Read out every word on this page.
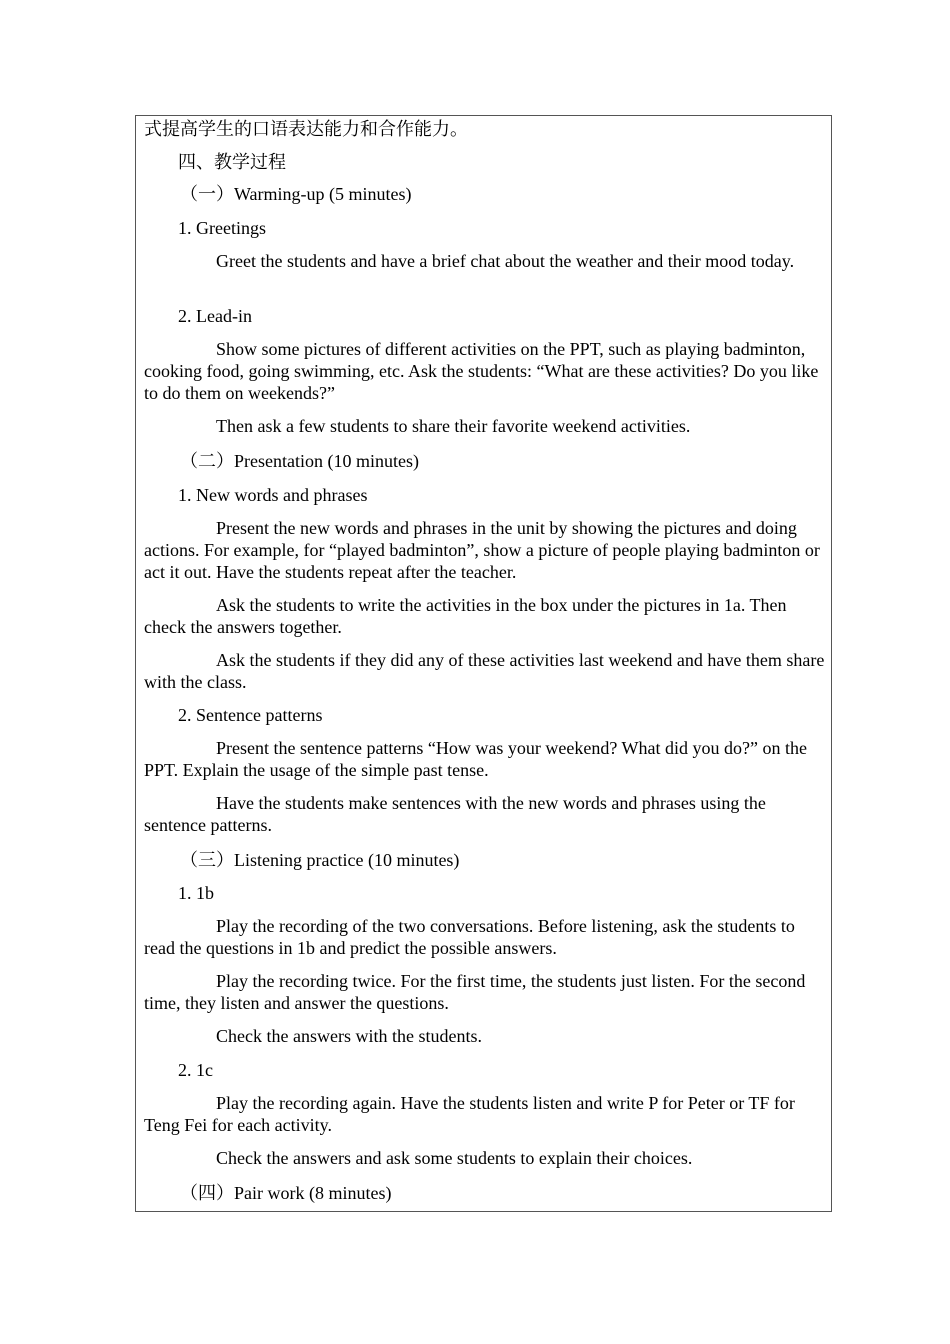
式提高学生的口语表达能力和合作能力。
四、教学过程
（一）Warming-up (5 minutes)
1. Greetings
Greet the students and have a brief chat about the weather and their mood today.
2. Lead-in
Show some pictures of different activities on the PPT, such as playing badminton, cooking food, going swimming, etc. Ask the students: “What are these activities? Do you like to do them on weekends?”
Then ask a few students to share their favorite weekend activities.
（二）Presentation (10 minutes)
1. New words and phrases
Present the new words and phrases in the unit by showing the pictures and doing actions. For example, for “played badminton”, show a picture of people playing badminton or act it out. Have the students repeat after the teacher.
Ask the students to write the activities in the box under the pictures in 1a. Then check the answers together.
Ask the students if they did any of these activities last weekend and have them share with the class.
2. Sentence patterns
Present the sentence patterns “How was your weekend? What did you do?” on the PPT. Explain the usage of the simple past tense.
Have the students make sentences with the new words and phrases using the sentence patterns.
（三）Listening practice (10 minutes)
1. 1b
Play the recording of the two conversations. Before listening, ask the students to read the questions in 1b and predict the possible answers.
Play the recording twice. For the first time, the students just listen. For the second time, they listen and answer the questions.
Check the answers with the students.
2. 1c
Play the recording again. Have the students listen and write P for Peter or TF for Teng Fei for each activity.
Check the answers and ask some students to explain their choices.
（四）Pair work (8 minutes)
